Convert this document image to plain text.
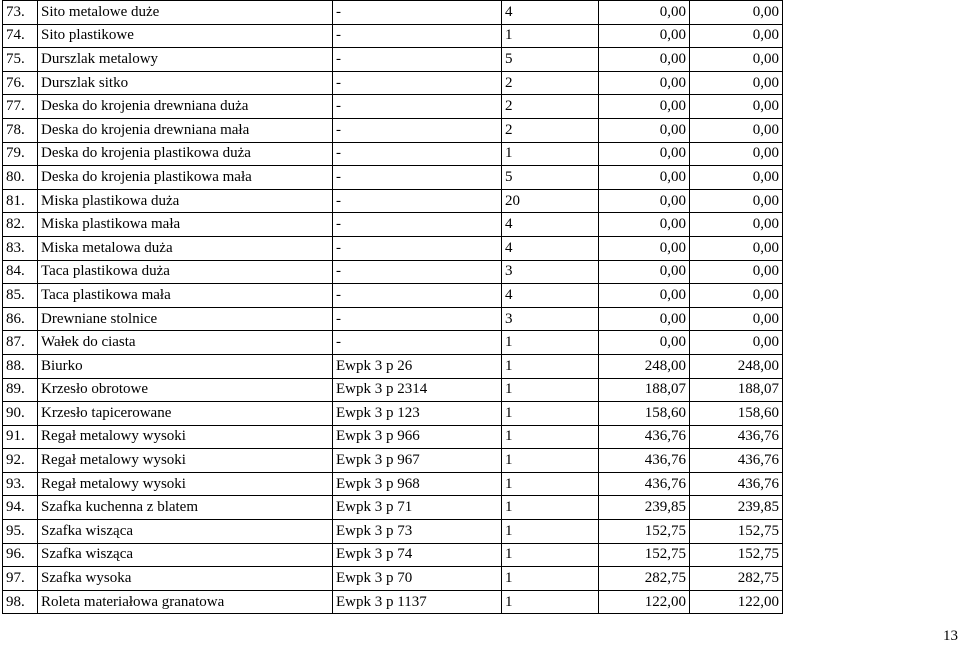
73.	Sito metalowe duże	-	4	0,00	0,00
74.	Sito plastikowe	-	1	0,00	0,00
75.	Durszlak metalowy	-	5	0,00	0,00
76.	Durszlak sitko	-	2	0,00	0,00
77.	Deska do krojenia drewniana duża	-	2	0,00	0,00
78.	Deska do krojenia drewniana mała	-	2	0,00	0,00
79.	Deska do krojenia plastikowa duża	-	1	0,00	0,00
80.	Deska do krojenia plastikowa mała	-	5	0,00	0,00
81.	Miska plastikowa duża	-	20	0,00	0,00
82.	Miska plastikowa mała	-	4	0,00	0,00
83.	Miska metalowa duża	-	4	0,00	0,00
84.	Taca plastikowa duża	-	3	0,00	0,00
85.	Taca plastikowa mała	-	4	0,00	0,00
86.	Drewniane stolnice	-	3	0,00	0,00
87.	Wałek do ciasta	-	1	0,00	0,00
88.	Biurko	Ewpk 3 p 26	1	248,00	248,00
89.	Krzesło obrotowe	Ewpk 3 p 2314	1	188,07	188,07
90.	Krzesło tapicerowane	Ewpk 3 p 123	1	158,60	158,60
91.	Regał metalowy wysoki	Ewpk 3 p 966	1	436,76	436,76
92.	Regał metalowy wysoki	Ewpk 3 p 967	1	436,76	436,76
93.	Regał metalowy wysoki	Ewpk 3 p 968	1	436,76	436,76
94.	Szafka kuchenna z blatem	Ewpk 3 p 71	1	239,85	239,85
95.	Szafka wisząca	Ewpk 3 p 73	1	152,75	152,75
96.	Szafka wisząca	Ewpk 3 p 74	1	152,75	152,75
97.	Szafka wysoka	Ewpk 3 p 70	1	282,75	282,75
98.	Roleta materiałowa granatowa	Ewpk 3 p 1137	1	122,00	122,00
13
